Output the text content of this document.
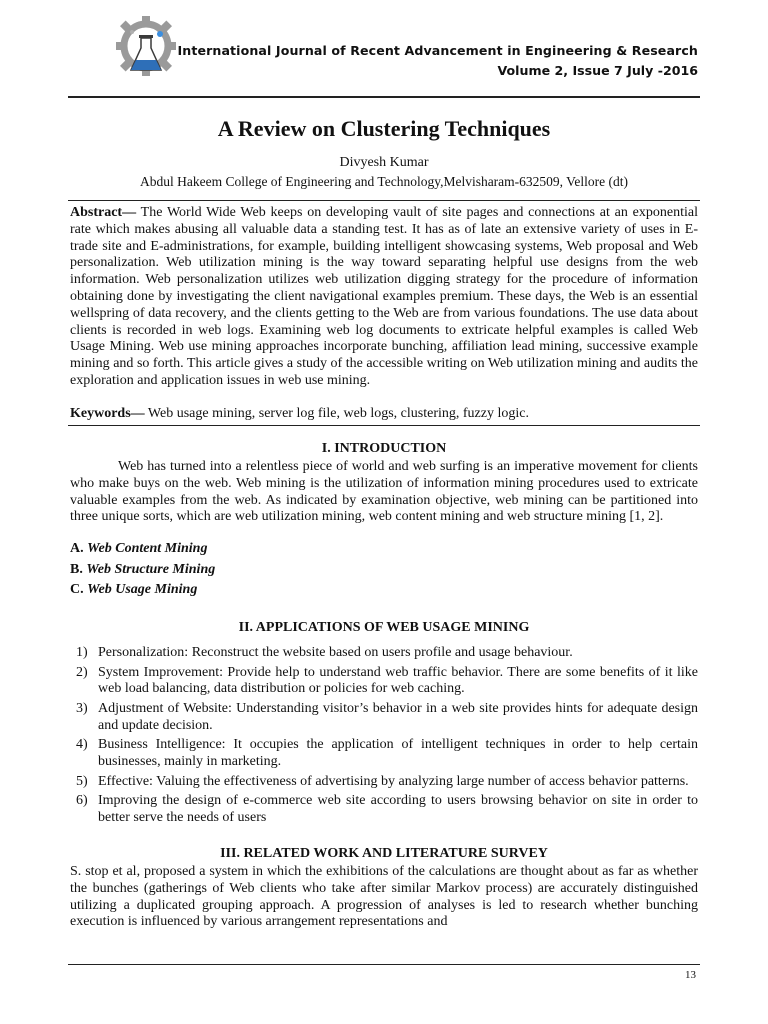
International Journal of Recent Advancement in Engineering & Research
Volume 2, Issue 7 July -2016
A Review on Clustering Techniques
Divyesh Kumar
Abdul Hakeem College of Engineering and Technology,Melvisharam-632509, Vellore (dt)
Abstract— The World Wide Web keeps on developing vault of site pages and connections at an exponential rate which makes abusing all valuable data a standing test. It has as of late an extensive variety of uses in E-trade site and E-administrations, for example, building intelligent showcasing systems, Web proposal and Web personalization. Web utilization mining is the way toward separating helpful use designs from the web information. Web personalization utilizes web utilization digging strategy for the procedure of information obtaining done by investigating the client navigational examples premium. These days, the Web is an essential wellspring of data recovery, and the clients getting to the Web are from various foundations. The use data about clients is recorded in web logs. Examining web log documents to extricate helpful examples is called Web Usage Mining. Web use mining approaches incorporate bunching, affiliation lead mining, successive example mining and so forth. This article gives a study of the accessible writing on Web utilization mining and audits the exploration and application issues in web use mining.
Keywords— Web usage mining, server log file, web logs, clustering, fuzzy logic.
I. INTRODUCTION
Web has turned into a relentless piece of world and web surfing is an imperative movement for clients who make buys on the web. Web mining is the utilization of information mining procedures used to extricate valuable examples from the web. As indicated by examination objective, web mining can be partitioned into three unique sorts, which are web utilization mining, web content mining and web structure mining [1, 2].
A. Web Content Mining
B. Web Structure Mining
C. Web Usage Mining
II. APPLICATIONS OF WEB USAGE MINING
1) Personalization: Reconstruct the website based on users profile and usage behaviour.
2) System Improvement: Provide help to understand web traffic behavior. There are some benefits of it like web load balancing, data distribution or policies for web caching.
3) Adjustment of Website: Understanding visitor’s behavior in a web site provides hints for adequate design and update decision.
4) Business Intelligence: It occupies the application of intelligent techniques in order to help certain businesses, mainly in marketing.
5) Effective: Valuing the effectiveness of advertising by analyzing large number of access behavior patterns.
6) Improving the design of e-commerce web site according to users browsing behavior on site in order to better serve the needs of users
III. RELATED WORK AND LITERATURE SURVEY
S. stop et al, proposed a system in which the exhibitions of the calculations are thought about as far as whether the bunches (gatherings of Web clients who take after similar Markov process) are accurately distinguished utilizing a duplicated grouping approach. A progression of analyses is led to research whether bunching execution is influenced by various arrangement representations and
13
